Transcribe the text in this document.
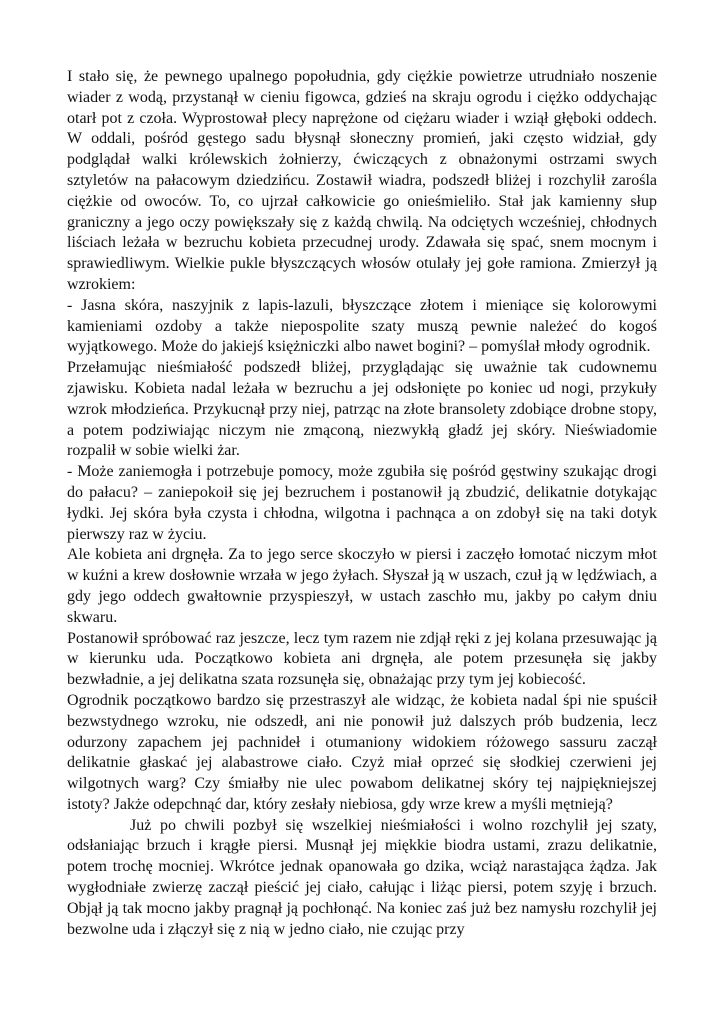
I stało się, że pewnego upalnego popołudnia, gdy ciężkie powietrze utrudniało noszenie wiader z wodą, przystanął w cieniu figowca, gdzieś na skraju ogrodu i ciężko oddychając otarł pot z czoła. Wyprostował plecy naprężone od ciężaru wiader i wziął głęboki oddech. W oddali, pośród gęstego sadu błysnął słoneczny promień, jaki często widział, gdy podglądał walki królewskich żołnierzy, ćwiczących z obnażonymi ostrzami swych sztyletów na pałacowym dziedzińcu. Zostawił wiadra, podszedł bliżej i rozchylił zarośla ciężkie od owoców. To, co ujrzał całkowicie go onieśmieliło. Stał jak kamienny słup graniczny a jego oczy powiększały się z każdą chwilą. Na odciętych wcześniej, chłodnych liściach leżała w bezruchu kobieta przecudnej urody. Zdawała się spać, snem mocnym i sprawiedliwym. Wielkie pukle błyszczących włosów otulały jej gołe ramiona. Zmierzył ją wzrokiem:

- Jasna skóra, naszyjnik z lapis-lazuli, błyszczące złotem i mieniące się kolorowymi kamieniami ozdoby a także niepospolite szaty muszą pewnie należeć do kogoś wyjątkowego. Może do jakiejś księżniczki albo nawet bogini? – pomyślał młody ogrodnik.

Przełamując nieśmiałość podszedł bliżej, przyglądając się uważnie tak cudownemu zjawisku. Kobieta nadal leżała w bezruchu a jej odsłonięte po koniec ud nogi, przykuły wzrok młodzieńca. Przykucnął przy niej, patrząc na złote bransolety zdobiące drobne stopy, a potem podziwiając niczym nie zmąconą, niezwykłą gładź jej skóry. Nieświadomie rozpalił w sobie wielki żar.

- Może zaniemogła i potrzebuje pomocy, może zgubiła się pośród gęstwiny szukając drogi do pałacu? – zaniepokoił się jej bezruchem i postanowił ją zbudzić, delikatnie dotykając łydki. Jej skóra była czysta i chłodna, wilgotna i pachnąca a on zdobył się na taki dotyk pierwszy raz w życiu.

Ale kobieta ani drgnęła. Za to jego serce skoczyło w piersi i zaczęło łomotać niczym młot w kuźni a krew dosłownie wrzała w jego żyłach. Słyszał ją w uszach, czuł ją w lędźwiach, a gdy jego oddech gwałtownie przyspieszył, w ustach zaschło mu, jakby po całym dniu skwaru.

Postanowił spróbować raz jeszcze, lecz tym razem nie zdjął ręki z jej kolana przesuwając ją w kierunku uda. Początkowo kobieta ani drgnęła, ale potem przesunęła się jakby bezwładnie, a jej delikatna szata rozsunęła się, obnażając przy tym jej kobiecość.

Ogrodnik początkowo bardzo się przestraszył ale widząc, że kobieta nadal śpi nie spuścił bezwstydnego wzroku, nie odszedł, ani nie ponowił już dalszych prób budzenia, lecz odurzony zapachem jej pachnideł i otumaniony widokiem różowego sassuru zaczął delikatnie głaskać jej alabastrowe ciało. Czyż miał oprzeć się słodkiej czerwieni jej wilgotnych warg? Czy śmiałby nie ulec powabom delikatnej skóry tej najpiękniejszej istoty? Jakże odepchnąć dar, który zesłały niebiosa, gdy wrze krew a myśli mętnieją?

Już po chwili pozbył się wszelkiej nieśmiałości i wolno rozchylił jej szaty, odsłaniając brzuch i krągłe piersi. Musnął jej miękkie biodra ustami, zrazu delikatnie, potem trochę mocniej. Wkrótce jednak opanowała go dzika, wciąż narastająca żądza. Jak wygłodniałe zwierzę zaczął pieścić jej ciało, całując i liżąc piersi, potem szyję i brzuch. Objął ją tak mocno jakby pragnął ją pochłonąć. Na koniec zaś już bez namysłu rozchylił jej bezwolne uda i złączył się z nią w jedno ciało, nie czując przy
